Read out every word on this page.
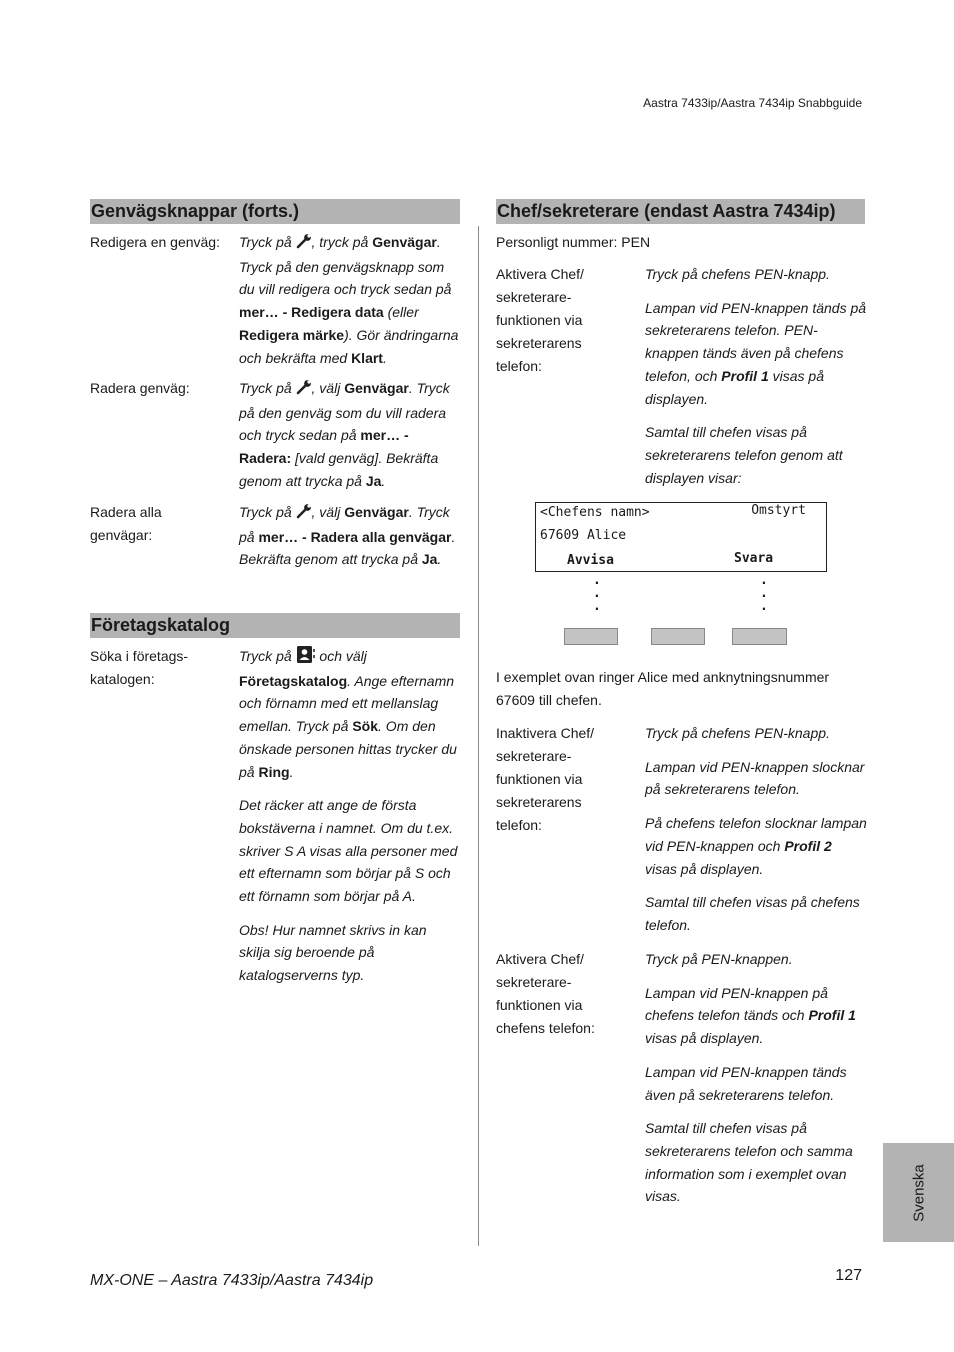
Aastra 7433ip/Aastra 7434ip Snabbguide
Genvägsknappar (forts.)
Redigera en genväg: Tryck på , tryck på Genvägar. Tryck på den genvägsknapp som du vill redigera och tryck sedan på mer… - Redigera data (eller Redigera märke). Gör ändringarna och bekräfta med Klart.
Radera genväg:	Tryck på , välj Genvägar. Tryck på den genväg som du vill radera och tryck sedan på mer… - Radera: [vald genväg]. Bekräfta genom att trycka på Ja.
Radera alla
genvägar:
Tryck på , välj Genvägar. Tryck på mer… - Radera alla genvägar. Bekräfta genom att trycka på Ja.
Företagskatalog
Söka i företags-
katalogen:

Tryck på  och välj Företagskatalog. Ange efternamn och förnamn med ett mellanslag emellan. Tryck på Sök. Om den önskade personen hittas trycker du på Ring.

Det räcker att ange de första bokstäverna i namnet. Om du t.ex. skriver S A visas alla personer med ett efternamn som börjar på S och ett förnamn som börjar på A.

Obs! Hur namnet skrivs in kan skilja sig beroende på katalogserverns typ.

Chef/sekreterare (endast Aastra 7434ip)
Personligt nummer: PEN
Aktivera Chef/
sekreterare-
funktionen via
sekreterarens
telefon:

Tryck på chefens PEN-knapp.

Lampan vid PEN-knappen tänds på sekreterarens telefon. PEN-knappen tänds även på chefens telefon, och Profil 1 visas på displayen.

Samtal till chefen visas på sekreterarens telefon genom att displayen visar:

<Chefens namn>	Omstyrt
67609 Alice
Avvisa	Svara
.
.
.
.
.
.
I exemplet ovan ringer Alice med anknytningsnummer 67609 till chefen.
Inaktivera Chef/
sekreterare-
funktionen via
sekreterarens
telefon:

Tryck på chefens PEN-knapp.

Lampan vid PEN-knappen slocknar på sekreterarens telefon.

På chefens telefon slocknar lampan vid PEN-knappen och Profil 2 visas på displayen.

Samtal till chefen visas på chefens telefon.

Aktivera Chef/
sekreterare-
funktionen via
chefens telefon:

Tryck på PEN-knappen.

Lampan vid PEN-knappen på chefens telefon tänds och Profil 1 visas på displayen.

Lampan vid PEN-knappen tänds även på sekreterarens telefon.

Samtal till chefen visas på sekreterarens telefon och samma information som i exemplet ovan visas.	Svenska
MX-ONE – Aastra 7433ip/Aastra 7434ip	127
